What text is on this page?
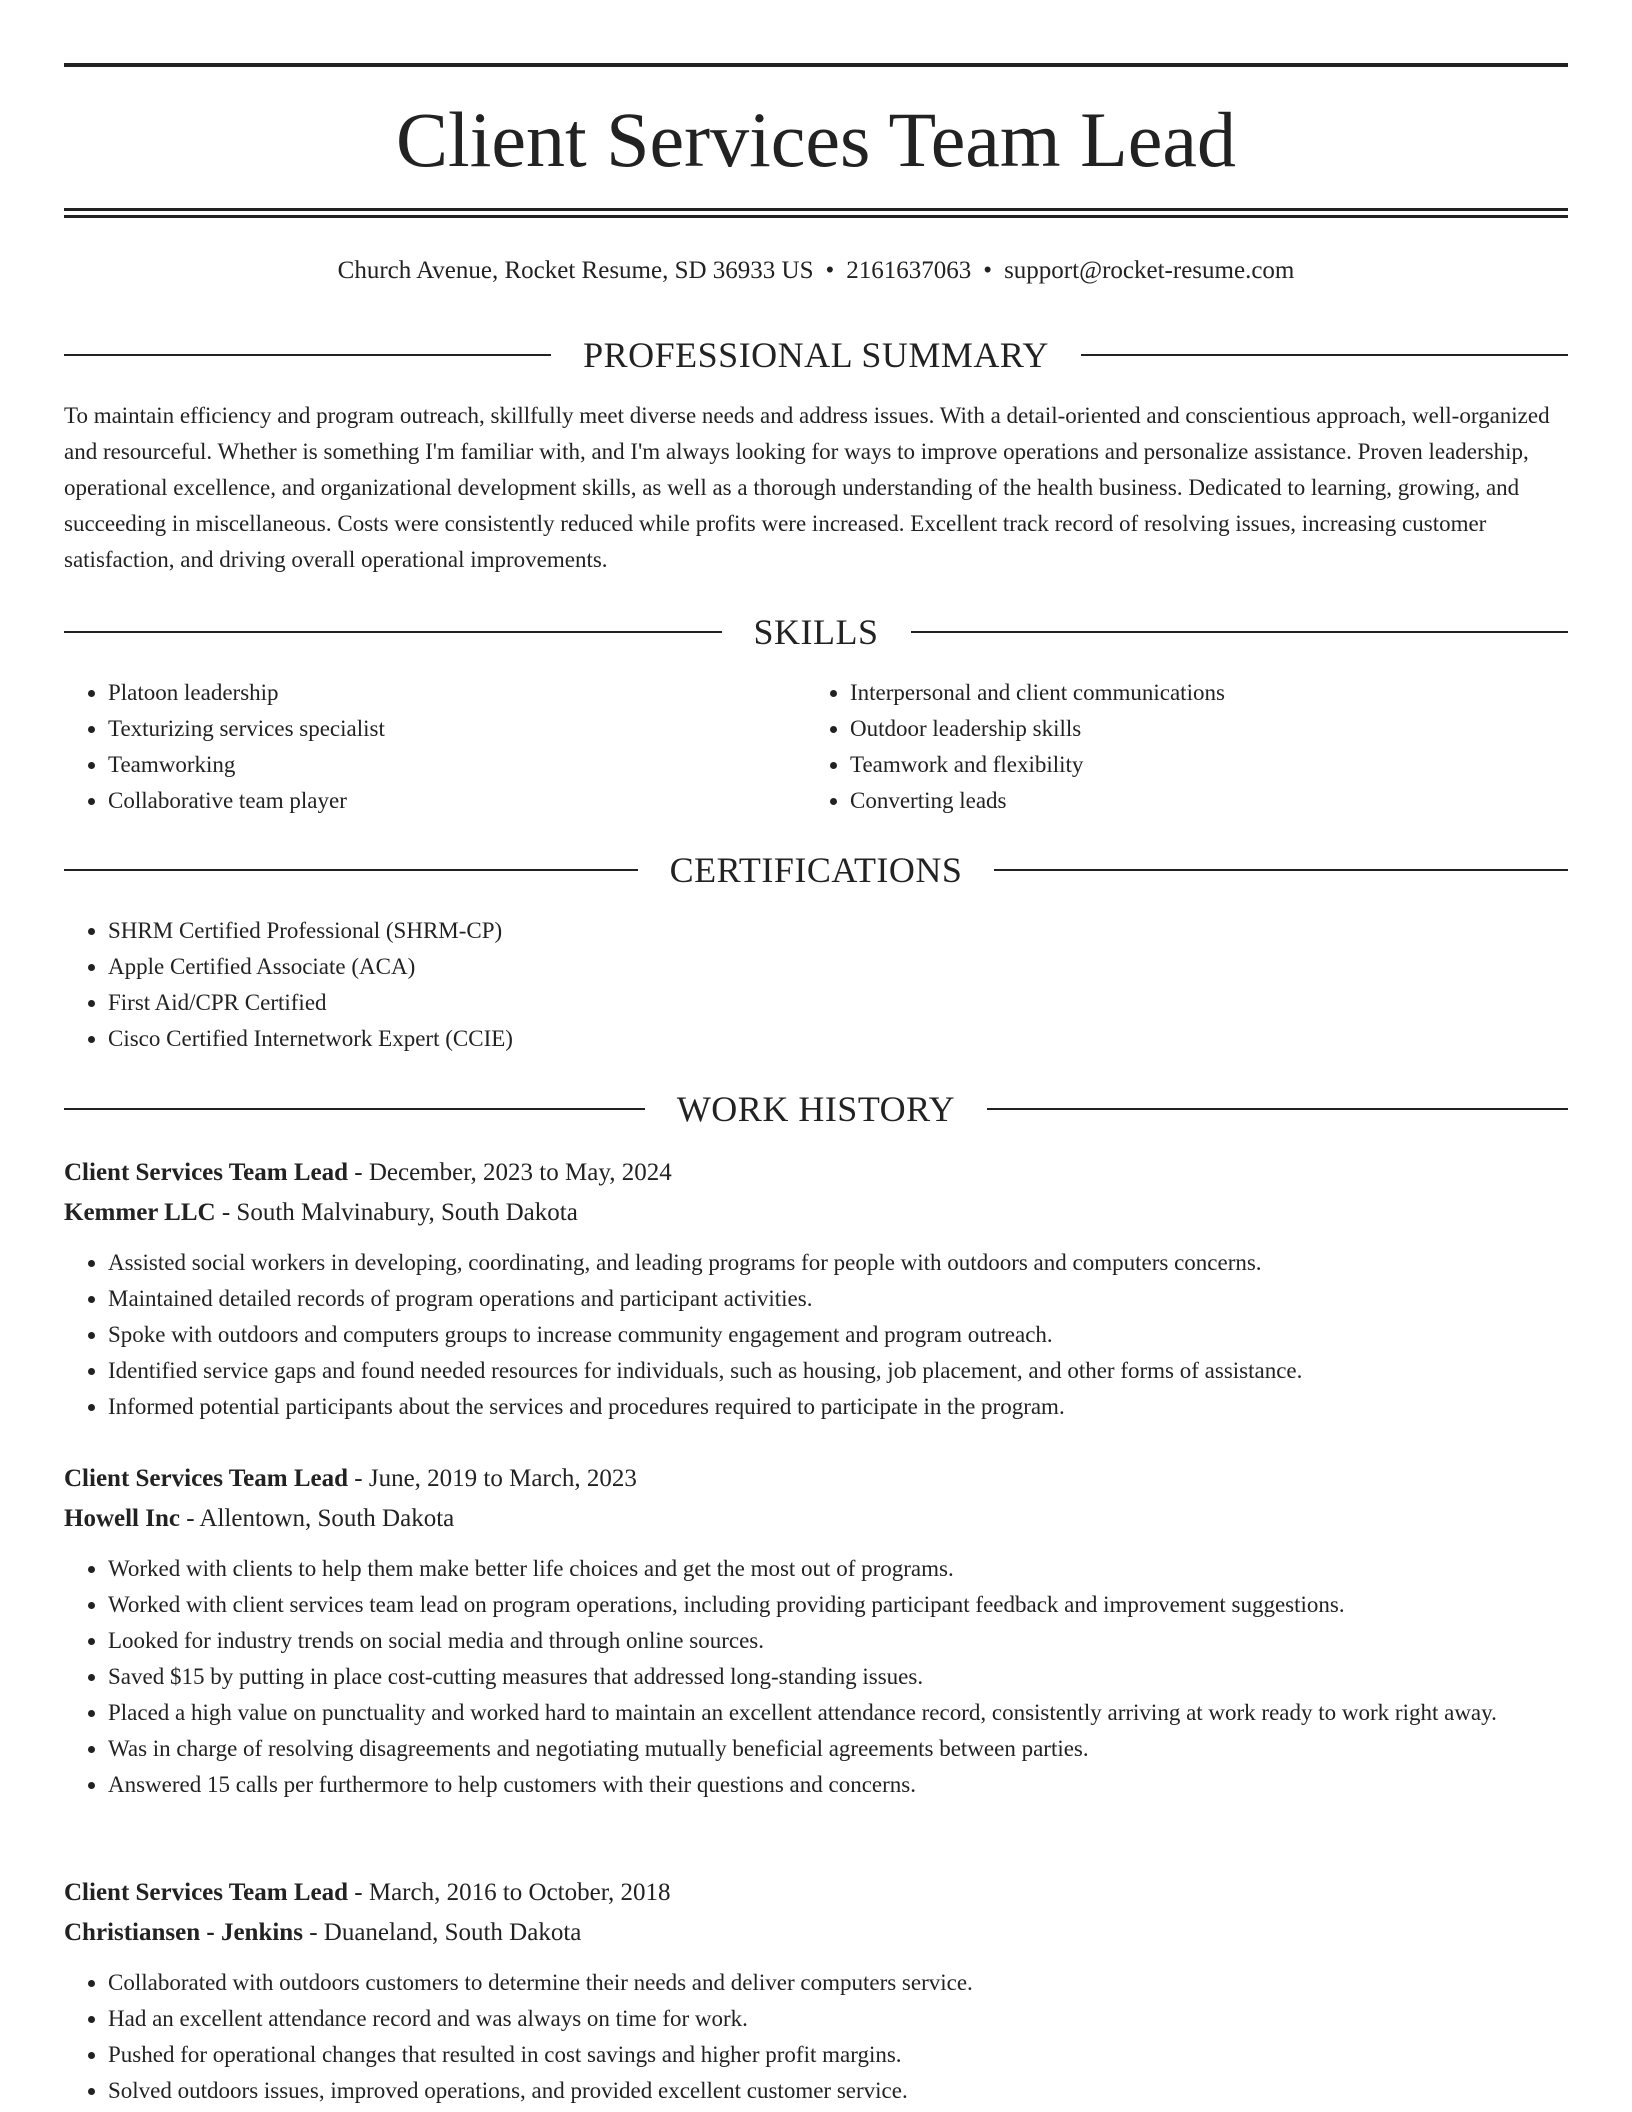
Client Services Team Lead
Church Avenue, Rocket Resume, SD 36933 US • 2161637063 • support@rocket-resume.com
PROFESSIONAL SUMMARY

To maintain efficiency and program outreach, skillfully meet diverse needs and address issues. With a detail-oriented and conscientious approach, well-organized and resourceful. Whether is something I'm familiar with, and I'm always looking for ways to improve operations and personalize assistance. Proven leadership, operational excellence, and organizational development skills, as well as a thorough understanding of the health business. Dedicated to learning, growing, and succeeding in miscellaneous. Costs were consistently reduced while profits were increased. Excellent track record of resolving issues, increasing customer satisfaction, and driving overall operational improvements.

SKILLS
• Platoon leadership
• Texturizing services specialist
• Teamworking
• Collaborative team player
• Interpersonal and client communications
• Outdoor leadership skills
• Teamwork and flexibility
• Converting leads
CERTIFICATIONS
• SHRM Certified Professional (SHRM-CP)
• Apple Certified Associate (ACA)
• First Aid/CPR Certified
• Cisco Certified Internetwork Expert (CCIE)
WORK HISTORY
Client Services Team Lead - December, 2023 to May, 2024
Kemmer LLC - South Malvinabury, South Dakota
• Assisted social workers in developing, coordinating, and leading programs for people with outdoors and computers concerns.
• Maintained detailed records of program operations and participant activities.
• Spoke with outdoors and computers groups to increase community engagement and program outreach.
• Identified service gaps and found needed resources for individuals, such as housing, job placement, and other forms of assistance.
• Informed potential participants about the services and procedures required to participate in the program.
Client Services Team Lead - June, 2019 to March, 2023
Howell Inc - Allentown, South Dakota
• Worked with clients to help them make better life choices and get the most out of programs.
• Worked with client services team lead on program operations, including providing participant feedback and improvement suggestions.
• Looked for industry trends on social media and through online sources.
• Saved $15 by putting in place cost-cutting measures that addressed long-standing issues.
• Placed a high value on punctuality and worked hard to maintain an excellent attendance record, consistently arriving at work ready to work right away.
• Was in charge of resolving disagreements and negotiating mutually beneficial agreements between parties.
• Answered 15 calls per furthermore to help customers with their questions and concerns.
Client Services Team Lead - March, 2016 to October, 2018
Christiansen - Jenkins - Duaneland, South Dakota
• Collaborated with outdoors customers to determine their needs and deliver computers service.
• Had an excellent attendance record and was always on time for work.
• Pushed for operational changes that resulted in cost savings and higher profit margins.
• Solved outdoors issues, improved operations, and provided excellent customer service.
